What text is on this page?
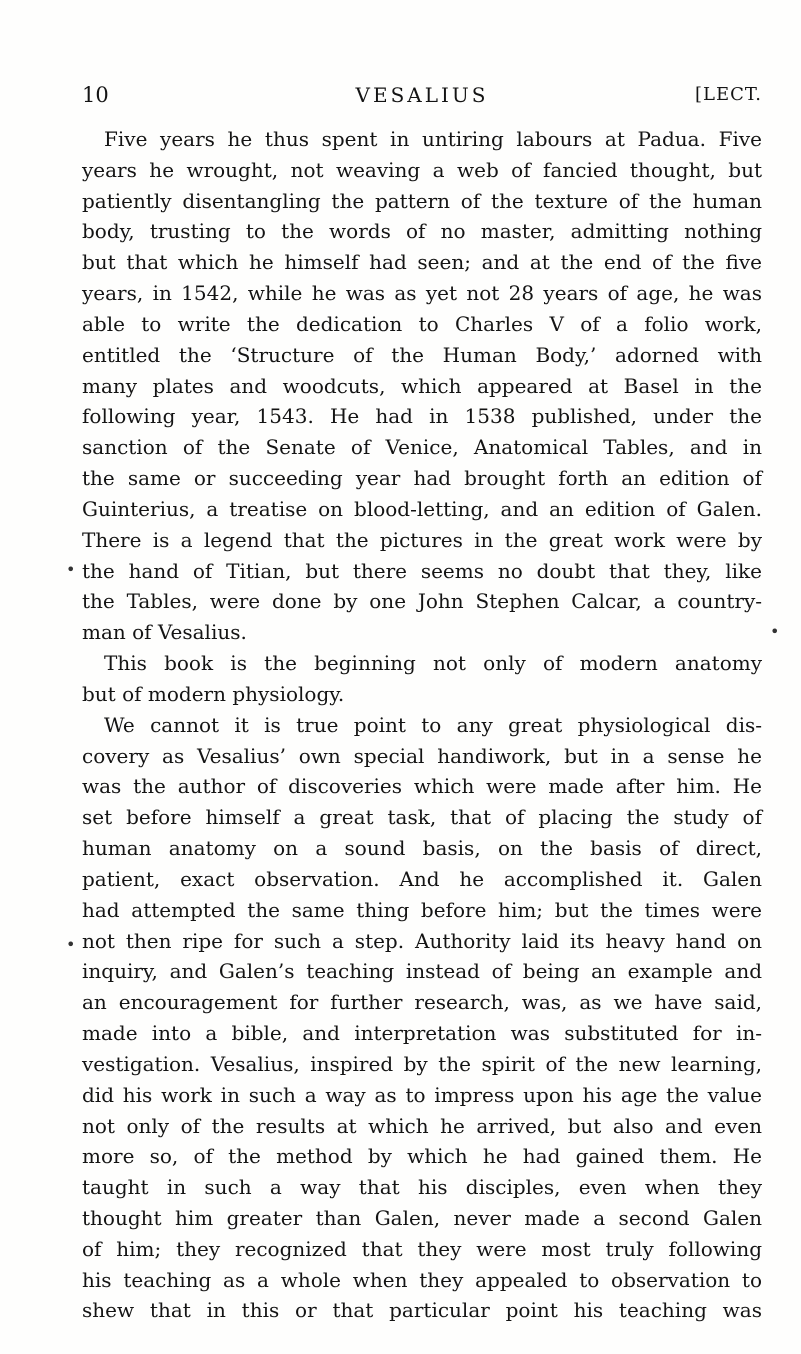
10	VESALIUS	[LECT.
Five years he thus spent in untiring labours at Padua. Five
years he wrought, not weaving a web of fancied thought, but
patiently disentangling the pattern of the texture of the human
body, trusting to the words of no master, admitting nothing
but that which he himself had seen; and at the end of the five
years, in 1542, while he was as yet not 28 years of age, he was
able to write the dedication to Charles V of a folio work,
entitled the ‘Structure of the Human Body,’ adorned with
many plates and woodcuts, which appeared at Basel in the
following year, 1543. He had in 1538 published, under the
sanction of the Senate of Venice, Anatomical Tables, and in
the same or succeeding year had brought forth an edition of
Guinterius, a treatise on blood-letting, and an edition of Galen.
There is a legend that the pictures in the great work were by
the hand of Titian, but there seems no doubt that they, like
the Tables, were done by one John Stephen Calcar, a country-
man of Vesalius.
This book is the beginning not only of modern anatomy
but of modern physiology.
We cannot it is true point to any great physiological dis-
covery as Vesalius’ own special handiwork, but in a sense he
was the author of discoveries which were made after him. He
set before himself a great task, that of placing the study of
human anatomy on a sound basis, on the basis of direct,
patient, exact observation. And he accomplished it. Galen
had attempted the same thing before him; but the times were
not then ripe for such a step. Authority laid its heavy hand on
inquiry, and Galen’s teaching instead of being an example and
an encouragement for further research, was, as we have said,
made into a bible, and interpretation was substituted for in-
vestigation. Vesalius, inspired by the spirit of the new learning,
did his work in such a way as to impress upon his age the value
not only of the results at which he arrived, but also and even
more so, of the method by which he had gained them. He
taught in such a way that his disciples, even when they
thought him greater than Galen, never made a second Galen
of him; they recognized that they were most truly following
his teaching as a whole when they appealed to observation to
shew that in this or that particular point his teaching was
•
•
•
